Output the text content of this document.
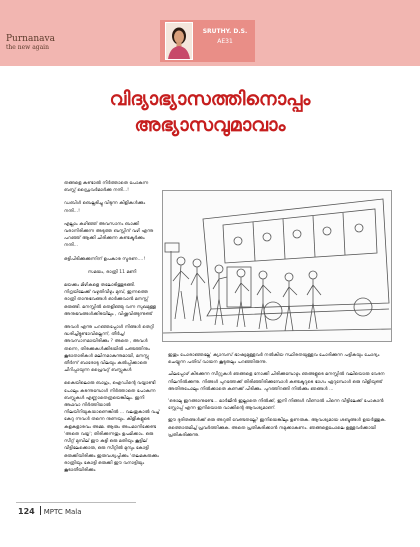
Purnanava
the new again
SRUTHY. D.S.
AE31
വിദ്യാഭ്യാസത്തിനൊപ്പം
അഭ്യാസവുമാവാം

തങ്ങളെ കണ്ടാൽ നിർത്താതെ പോകുന്ന ബസ്സ് ഡ്രൈവർമാർക്കു നന്ദി...!

ഡബിൾ ബെല്ലടിച്ചു വിടുന്ന കിളികൾക്കും നന്ദി...!

എല്ലാം കഴിഞ്ഞ് അവസാനം ബാക്കി വരാനിരിക്കുന്ന അടുത്ത ബസ്സിന് വഴി എന്നു പറഞ്ഞ് ആക്കി ചിരിക്കുന്ന കണ്ടക്ടർക്കും നന്ദി...

ഒട്ടിപിടിക്കുക്കുന്നിന് ഉപകാര സ്മരണ....!

സമയം, രാത്രി 11 മണി

മയക്കം മിഴികളെ തലോടിത്തുടങ്ങി. നിദ്രയിലേക്ക് വഴുതിവീഴും മുമ്പ്, ഇന്നത്തെ രാത്രി താനുഭവങ്ങൾ ഓർക്കുവാൻ മനസ്സ് ഒരുങ്ങി. മനസ്സിൽ തെളിഞ്ഞു വന്ന സുഖമുള്ള അനുഭവങ്ങൾക്കിടയിലും , വിഷ്ണവിങ്ങുന്നുണ്ട്

അവൾ എന്നു പറഞ്ഞപ്പോൾ നിങ്ങൾ തെറ്റി ദ്ധരിച്ചിട്ടുണ്ടാവില്ലെന്ന്, തീർച്ച! അവസാനമായിരിക്കും ? അതെ , അവൾ തന്നെ, തിരക്കുകൾക്കിടയിൽ പണ്ടത്തിനും കൂടാതാരികൾ മലിനമാകുന്നുമായി, മനസ്സു തീർന്ന് ബാരോടു വിലയും കൽപ്പിക്കാതെ ചീറിപ്പായുന്ന പ്രൈവറ്റ് ബസ്സുകൾ

കൈയിലൊരു ബാഗും, ഐഡിന്റെ വയ്യാണ്ടി പോലും കടന്നുമ്പോൾ നിർത്താതെ പോകുന്ന ബസ്സുകൾ എണ്ണാതെത്രയെങ്കിലും. ഇനി അഥവാ നിർത്തിയാൽ നിലയിറിയുകയാണെങ്കിൽ ... വലതുകാൽ വച്ച് കേറു ന്നവൾ തന്നെ നുണയും. കിളികളുടെ കളകളാരവം അമ്മ. ആരും അപമാനിക്കേണ്ട 'അതെ വയ്യ'; തിരിക്കുന്നതും ഉപമിക്കാം. ഒരു സീറ്റ് മുമ്പില് ഈ കുട്ടി ഒരു മതിയും കൂട്ടില് വീട്ടിലേക്കൊരു, ഒരു സീറ്റിൽ മുമ്പും കോട്ടി ഒരുക്കിയിരിക്കും ഇരുവശ്യപ്പിക്കും 'തലമകരുക്കും രാത്രിയും കോട്ടി ഒരുക്കി ഈ വനാട്ടിയും കൂടാതീയിരിക്കും

ഇതും പോരാഞ്ഞല്ലേ' ക്യാമ്പസ് ഭാഷ്യമുള്ളവർ നൽകിയ സ്ഥിരതയുള്ളവ ചോദിക്കുന്ന പട്ടികയും ചോദ്യം ചെയ്യുന്ന പതിവ് വായന കൂടുതലും പറഞ്ഞിരുന്നു.

ചിലപ്പോഴ് കിടക്കുന്ന സീറ്റുകൾ ഞങ്ങളെ നോക്കി ചിരിക്കുമ്പോഴും ഞങ്ങളുടെ മനസ്സിൽ വലിയൊരു വേദന നിലനിൽക്കുന്നു. നിങ്ങൾ പുറത്തേക്ക് തിരിഞ്ഞിരിക്കുമ്പോൾ കണ്ടക്ടറുടെ ഭാഗം ഏറുമ്പോൾ ഒരു വിളിയുണ്ട് അതിനുപോലും നിൽക്കാതെ കണക്ക് പിടിക്കും. പുറത്തിറങ്ങി നിൽക്കും ഞങ്ങൾ ...

'ഒരാലു ഇറങ്ങാനുണ്ടേ... മാർജിൻ ഇല്ലാതെ നിൽക്ക്, ഇനി നിങ്ങൾ വീണാൽ പിന്നെ വീട്ടിലേക്ക് പോകാൻ സ്റ്റോപ്പ് എന്ന ഇനിയൊരു വാക്കിന്റെ ആവശ്യമാണ്.

ഈ ദുരിതങ്ങൾക്ക് ഒരു അറുതി വേണ്ടതല്ലേ? ഇനിയെങ്കിലും ഉണരുക. ആവശ്യമായ ശബ്ദങ്ങൾ ഉയർത്തുക. ഒത്തൊരുമിച്ച് പ്രവർത്തിക്കുക. അതെ പ്രതികരിക്കാൻ നമുക്കാകണം. ഞങ്ങളെപോലെ ഉള്ളവർക്കായി പ്രതികരിക്കുന്നു.

124 MPTC Mala
